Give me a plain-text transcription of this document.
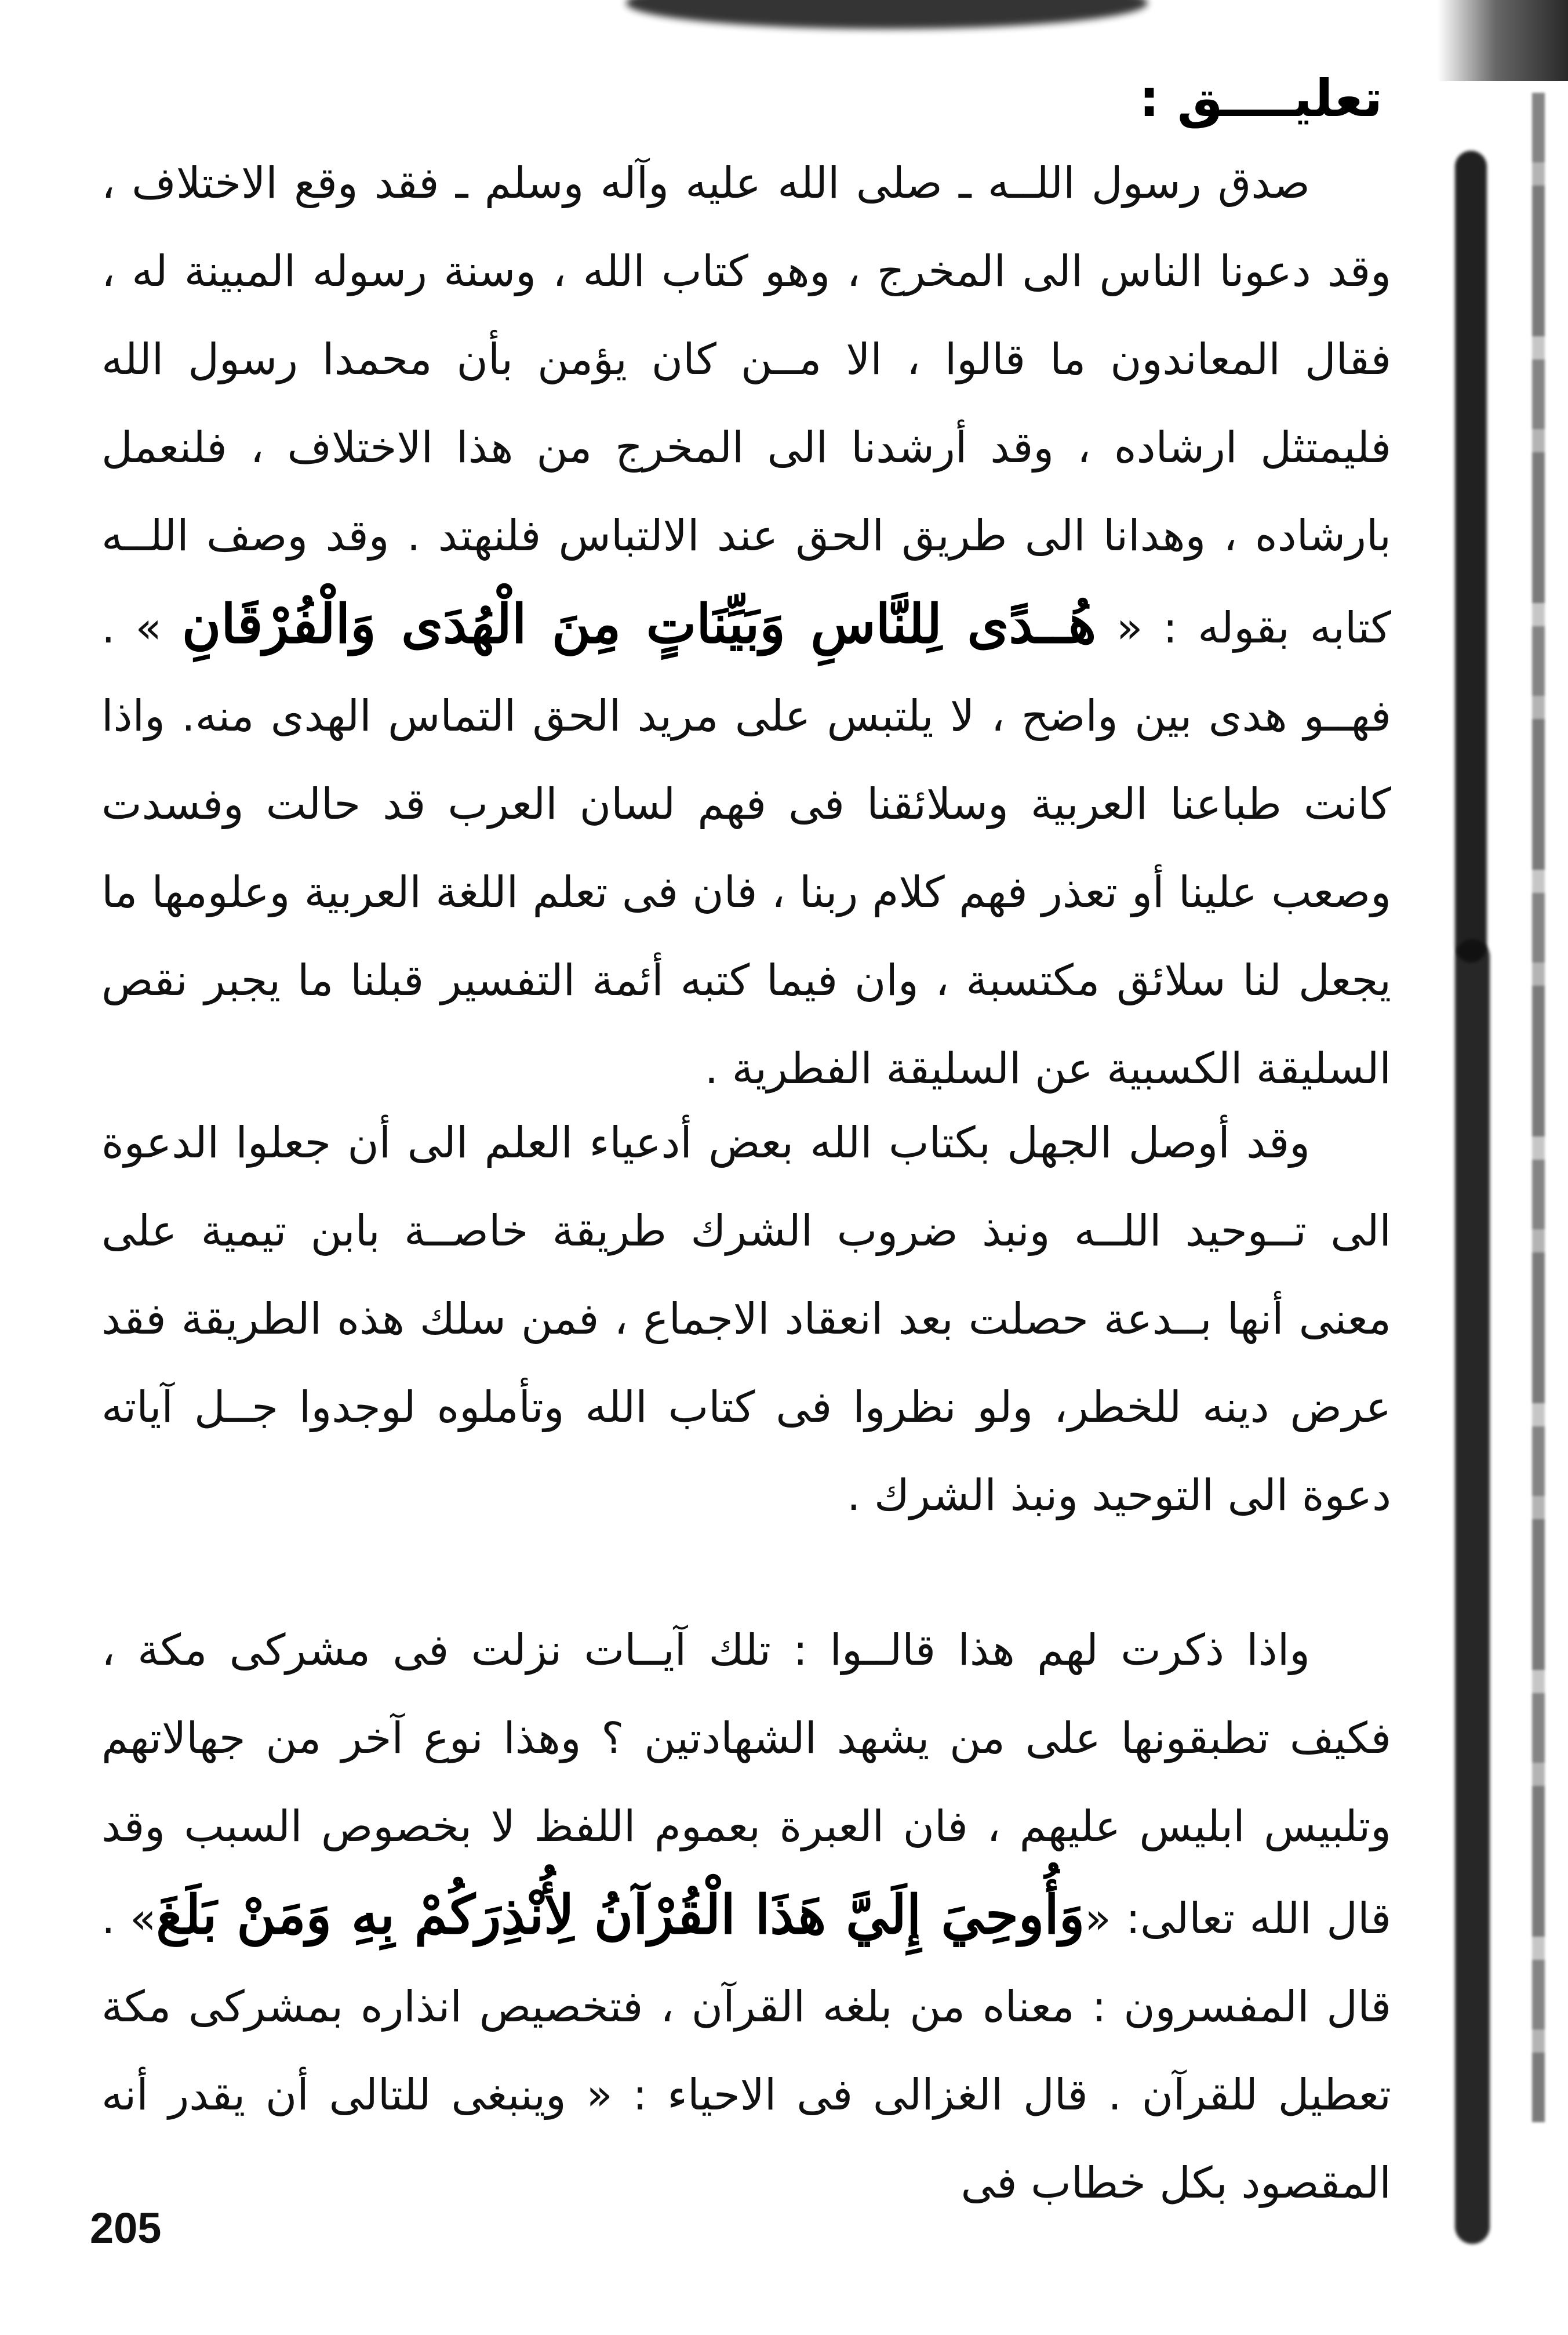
تعليــــق :

صدق رسول اللــه ـ صلى الله عليه وآله وسلم ـ فقد وقع الاختلاف ، وقد دعونا الناس الى المخرج ، وهو كتاب الله ، وسنة رسوله المبينة له ، فقال المعاندون ما قالوا ، الا مــن كان يؤمن بأن محمدا رسول الله فليمتثل ارشاده ، وقد أرشدنا الى المخرج من هذا الاختلاف ، فلنعمل بارشاده ، وهدانا الى طريق الحق عند الالتباس فلنهتد . وقد وصف اللــه كتابه بقوله : « هُــدًى لِلنَّاسِ وَبَيِّنَاتٍ مِنَ الْهُدَى وَالْفُرْقَانِ » . فهــو هدى بين واضح ، لا يلتبس على مريد الحق التماس الهدى منه. واذا كانت طباعنا العربية وسلائقنا فى فهم لسان العرب قد حالت وفسدت وصعب علينا أو تعذر فهم كلام ربنا ، فان فى تعلم اللغة العربية وعلومها ما يجعل لنا سلائق مكتسبة ، وان فيما كتبه أئمة التفسير قبلنا ما يجبر نقص السليقة الكسبية عن السليقة الفطرية .

وقد أوصل الجهل بكتاب الله بعض أدعياء العلم الى أن جعلوا الدعوة الى تــوحيد اللــه ونبذ ضروب الشرك طريقة خاصــة بابن تيمية على معنى أنها بــدعة حصلت بعد انعقاد الاجماع ، فمن سلك هذه الطريقة فقد عرض دينه للخطر، ولو نظروا فى كتاب الله وتأملوه لوجدوا جــل آياته دعوة الى التوحيد ونبذ الشرك .

واذا ذكرت لهم هذا قالــوا : تلك آيــات نزلت فى مشركى مكة ، فكيف تطبقونها على من يشهد الشهادتين ؟ وهذا نوع آخر من جهالاتهم وتلبيس ابليس عليهم ، فان العبرة بعموم اللفظ لا بخصوص السبب وقد قال الله تعالى: «وَأُوحِيَ إِلَيَّ هَذَا الْقُرْآنُ لِأُنْذِرَكُمْ بِهِ وَمَنْ بَلَغَ» . قال المفسرون : معناه من بلغه القرآن ، فتخصيص انذاره بمشركى مكة تعطيل للقرآن . قال الغزالى فى الاحياء : « وينبغى للتالى أن يقدر أنه المقصود بكل خطاب فى

205
